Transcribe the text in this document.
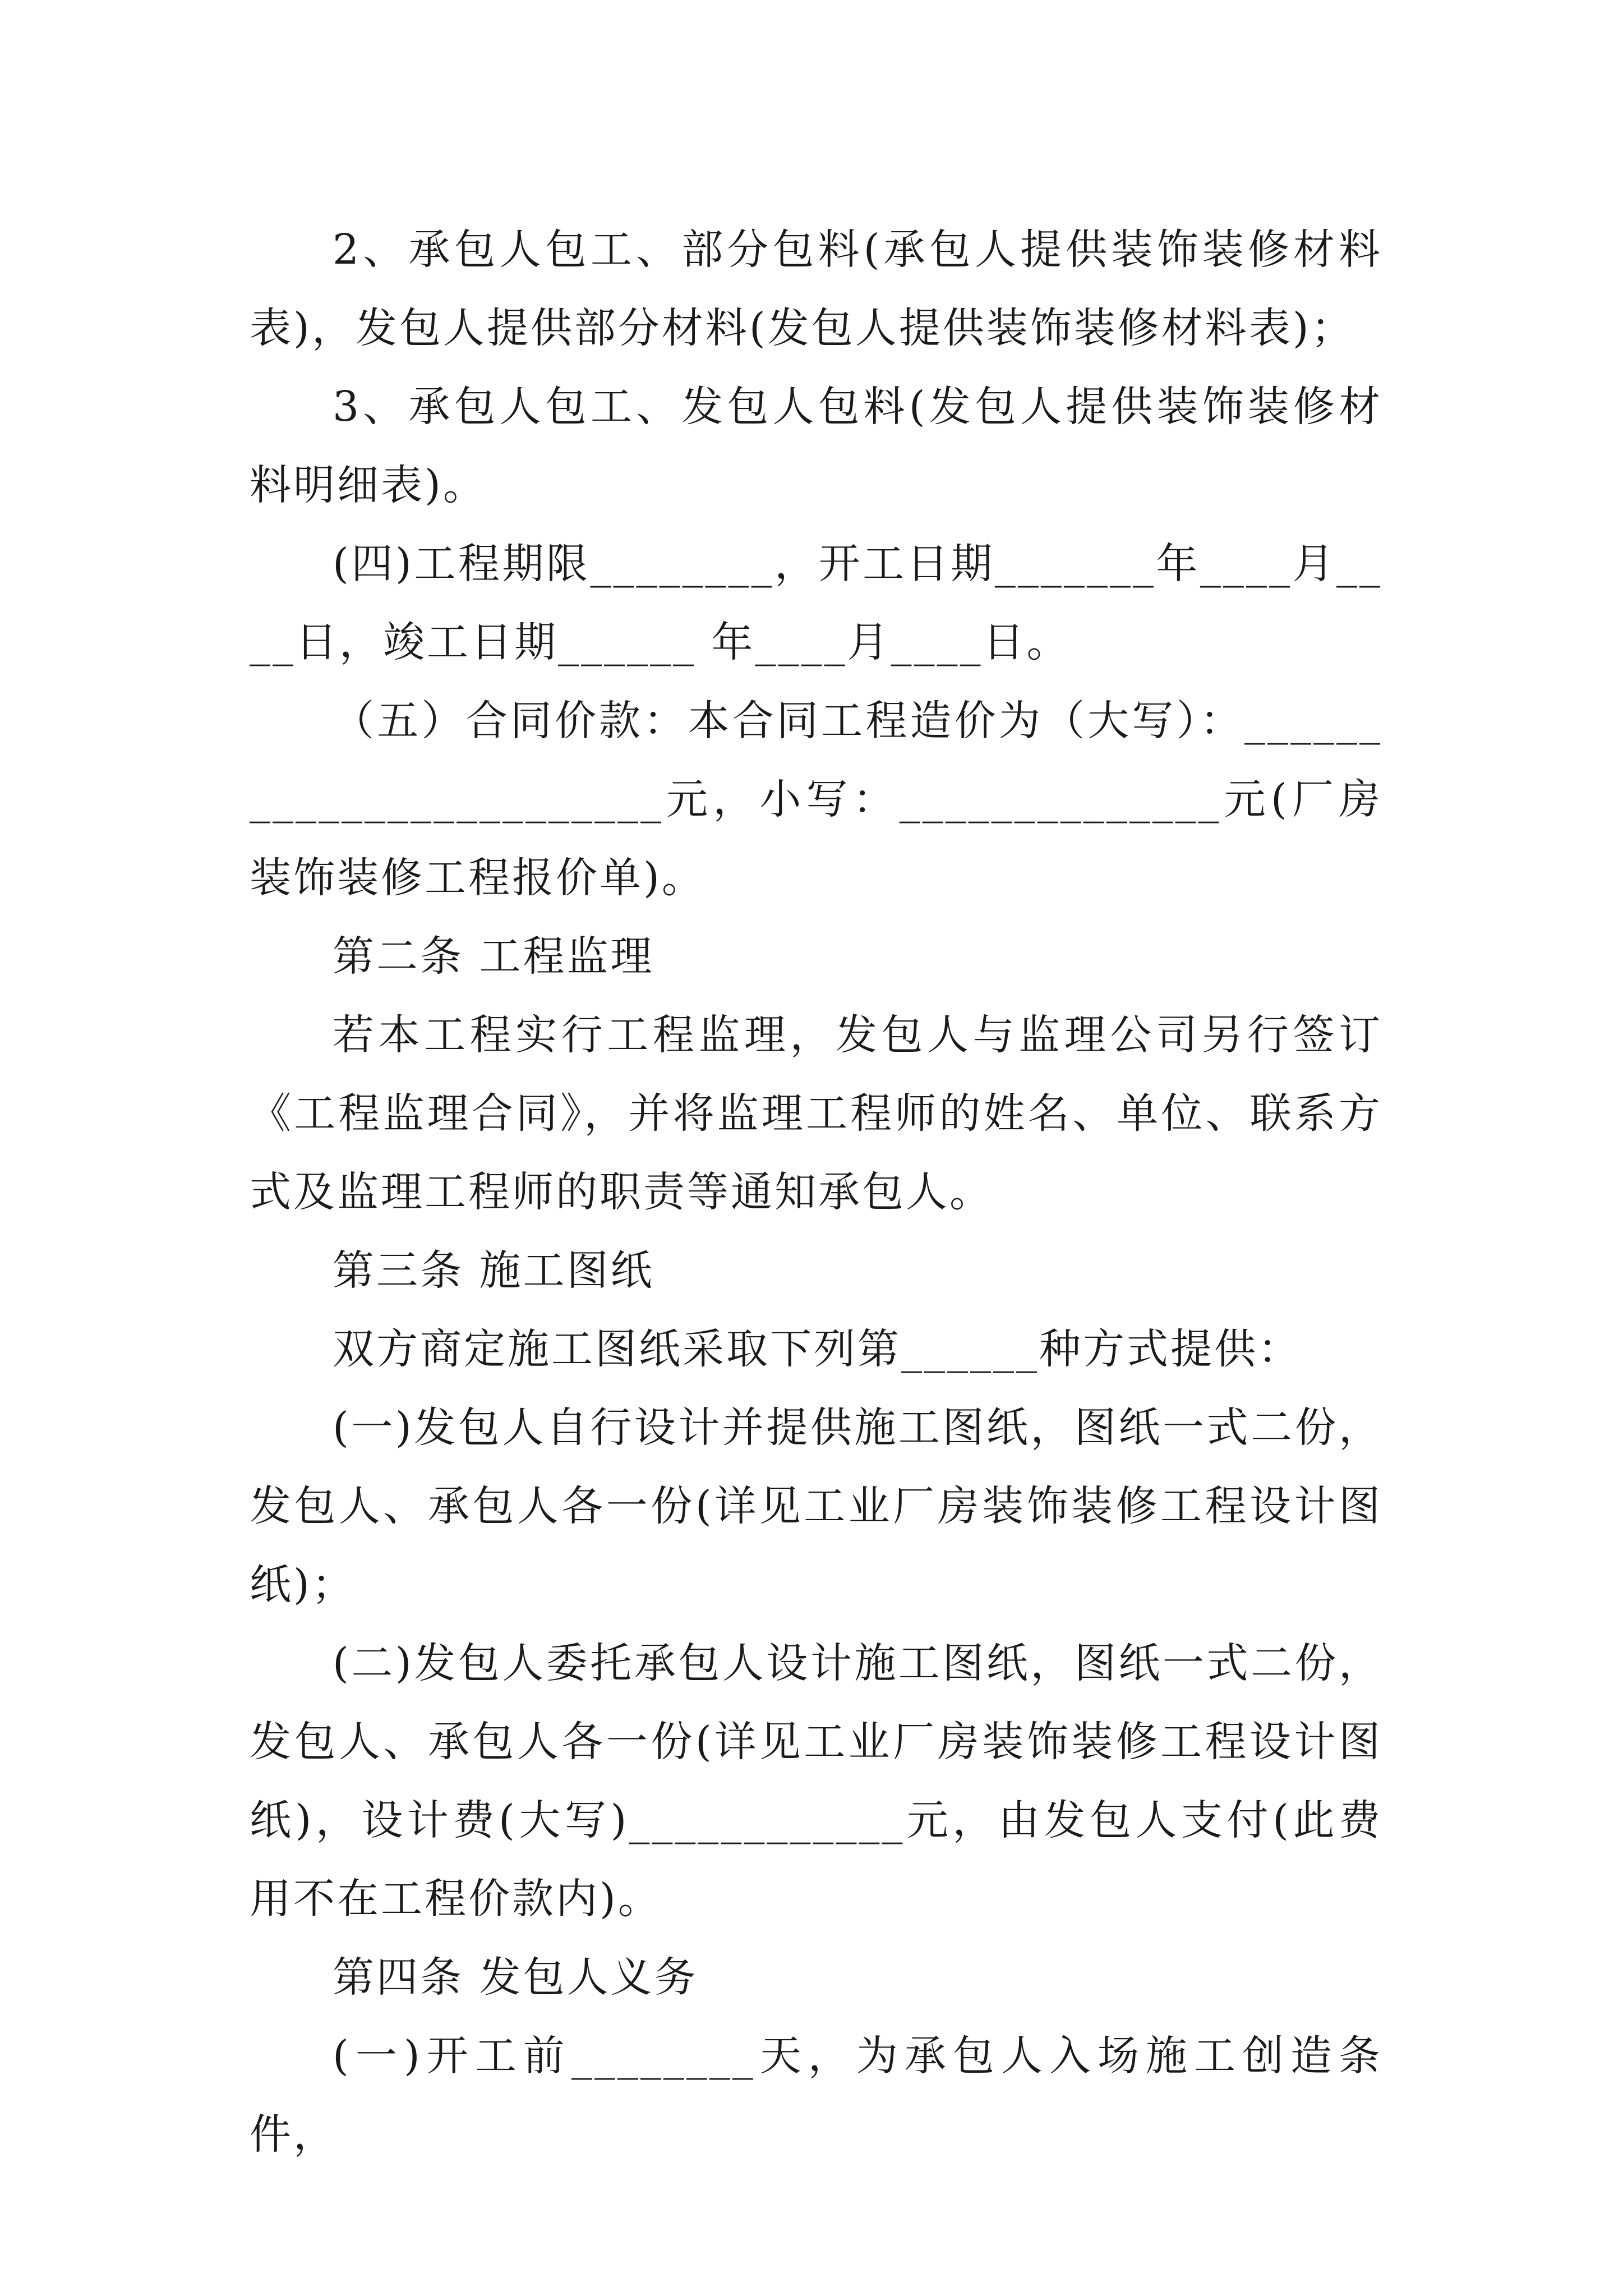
2、承包人包工、部分包料(承包人提供装饰装修材料表)，发包人提供部分材料(发包人提供装饰装修材料表)；

3、承包人包工、发包人包料(发包人提供装饰装修材料明细表)。

(四)工程期限________，开工日期_______年____月____日，竣工日期______ 年____月____日。

（五）合同价款：本合同工程造价为（大写）：________________________元，小写：______________元(厂房装饰装修工程报价单)。

第二条 工程监理

若本工程实行工程监理，发包人与监理公司另行签订《工程监理合同》，并将监理工程师的姓名、单位、联系方式及监理工程师的职责等通知承包人。

第三条 施工图纸

双方商定施工图纸采取下列第______种方式提供：

(一)发包人自行设计并提供施工图纸，图纸一式二份，发包人、承包人各一份(详见工业厂房装饰装修工程设计图纸)；

(二)发包人委托承包人设计施工图纸，图纸一式二份，发包人、承包人各一份(详见工业厂房装饰装修工程设计图纸)，设计费(大写)____________元，由发包人支付(此费用不在工程价款内)。

第四条 发包人义务

(一)开工前________天，为承包人入场施工创造条件，
